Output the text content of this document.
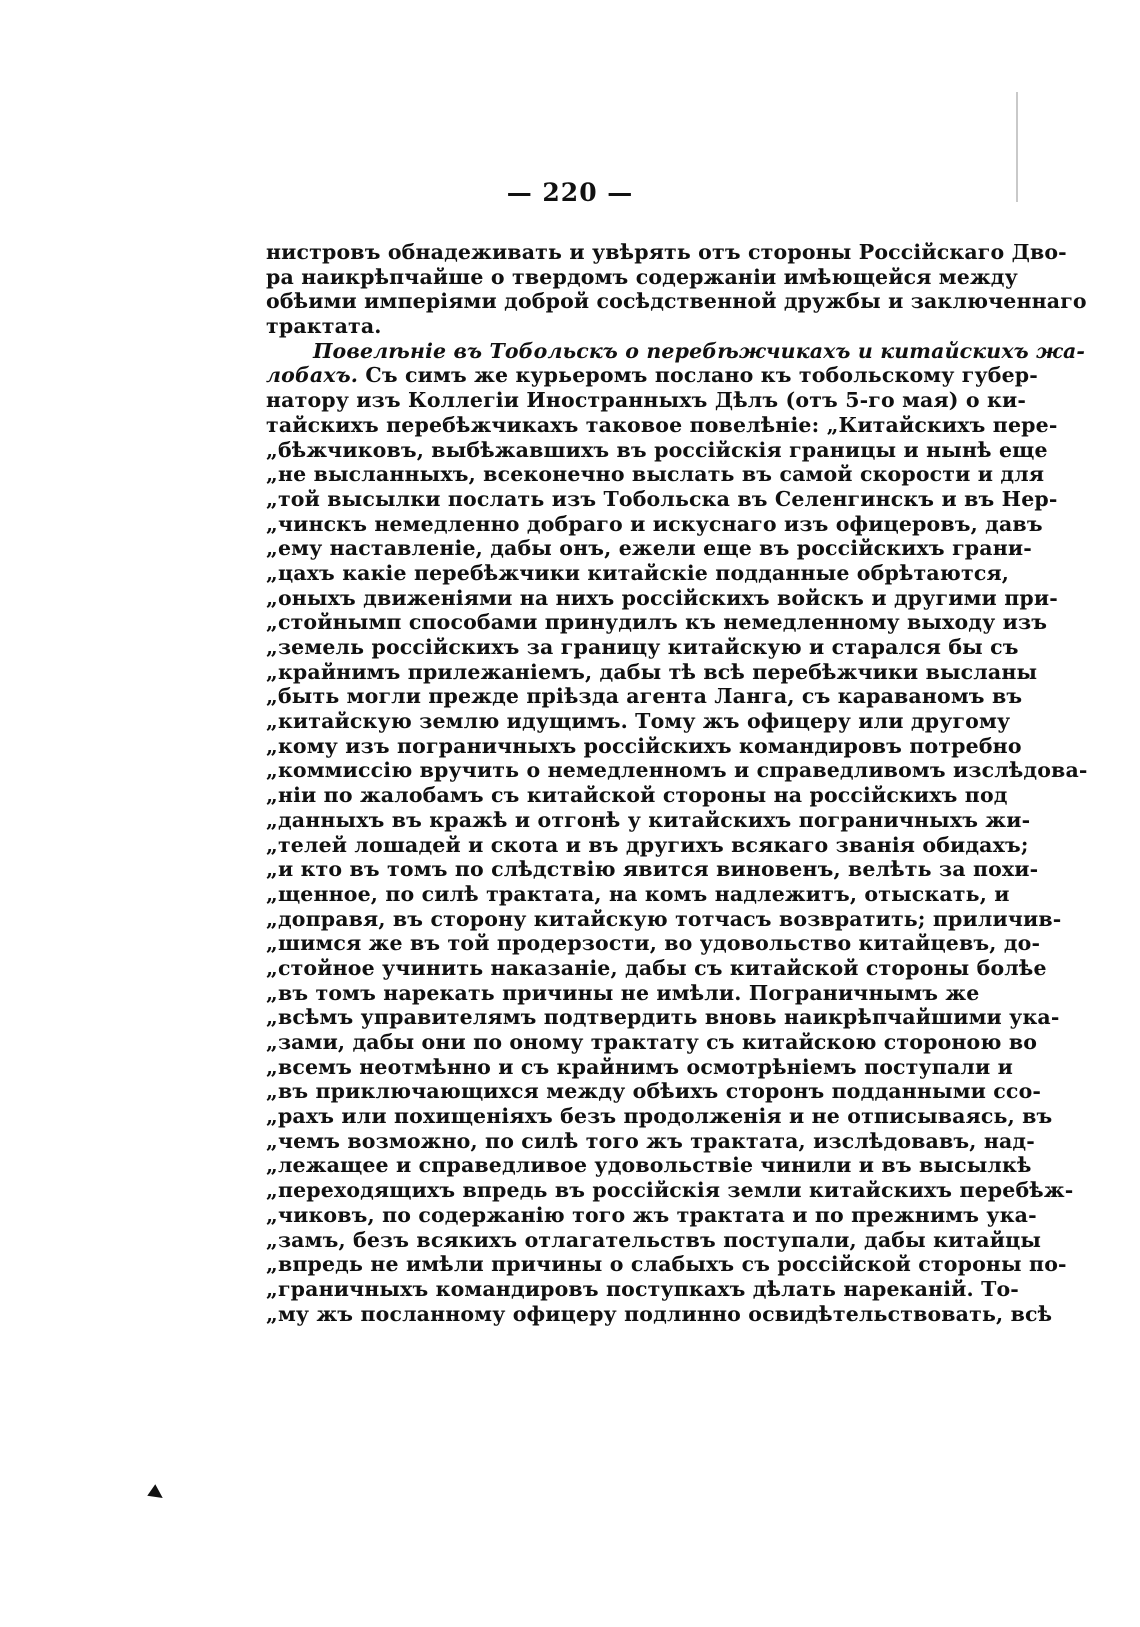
— 220 —
нистровъ обнадеживать и увѣрять отъ стороны Россійскаго Дво-
ра наикрѣпчайше о твердомъ содержаніи имѣющейся между
обѣими имперіями доброй сосѣдственной дружбы и заключеннаго
трактата.
Повелѣніе въ Тобольскъ о перебѣжчикахъ и китайскихъ жа-
лобахъ. Съ симъ же курьеромъ послано къ тобольскому губер-
натору изъ Коллегіи Иностранныхъ Дѣлъ (отъ 5-го мая) о ки-
тайскихъ перебѣжчикахъ таковое повелѣніе: „Китайскихъ пере-
„бѣжчиковъ, выбѣжавшихъ въ россійскія границы и нынѣ еще
„не высланныхъ, всеконечно выслать въ самой скорости и для
„той высылки послать изъ Тобольска въ Селенгинскъ и въ Нер-
„чинскъ немедленно добраго и искуснаго изъ офицеровъ, давъ
„ему наставленіе, дабы онъ, ежели еще въ россійскихъ грани-
„цахъ какіе перебѣжчики китайскіе подданные обрѣтаются,
„оныхъ движеніями на нихъ россійскихъ войскъ и другими при-
„стойнымп способами принудилъ къ немедленному выходу изъ
„земель россійскихъ за границу китайскую и старался бы съ
„крайнимъ прилежаніемъ, дабы тѣ всѣ перебѣжчики высланы
„быть могли прежде пріѣзда агента Ланга, съ караваномъ въ
„китайскую землю идущимъ. Тому жъ офицеру или другому
„кому изъ пограничныхъ россійскихъ командировъ потребно
„коммиссію вручить о немедленномъ и справедливомъ изслѣдова-
„ніи по жалобамъ съ китайской стороны на россійскихъ под
„данныхъ въ кражѣ и отгонѣ у китайскихъ пограничныхъ жи-
„телей лошадей и скота и въ другихъ всякаго званія обидахъ;
„и кто въ томъ по слѣдствію явится виновенъ, велѣть за похи-
„щенное, по силѣ трактата, на комъ надлежитъ, отыскать, и
„доправя, въ сторону китайскую тотчасъ возвратить; приличив-
„шимся же въ той продерзости, во удовольство китайцевъ, до-
„стойное учинить наказаніе, дабы съ китайской стороны болѣе
„въ томъ нарекать причины не имѣли. Пограничнымъ же
„всѣмъ управителямъ подтвердить вновь наикрѣпчайшими ука-
„зами, дабы они по оному трактату съ китайскою стороною во
„всемъ неотмѣнно и съ крайнимъ осмотрѣніемъ поступали и
„въ приключающихся между обѣихъ сторонъ подданными ссо-
„рахъ или похищеніяхъ безъ продолженія и не отписываясь, въ
„чемъ возможно, по силѣ того жъ трактата, изслѣдовавъ, над-
„лежащее и справедливое удовольствіе чинили и въ высылкѣ
„переходящихъ впредь въ россійскія земли китайскихъ перебѣж-
„чиковъ, по содержанію того жъ трактата и по прежнимъ ука-
„замъ, безъ всякихъ отлагательствъ поступали, дабы китайцы
„впредь не имѣли причины о слабыхъ съ россійской стороны по-
„граничныхъ командировъ поступкахъ дѣлать нареканій. То-
„му жъ посланному офицеру подлинно освидѣтельствовать, всѣ
